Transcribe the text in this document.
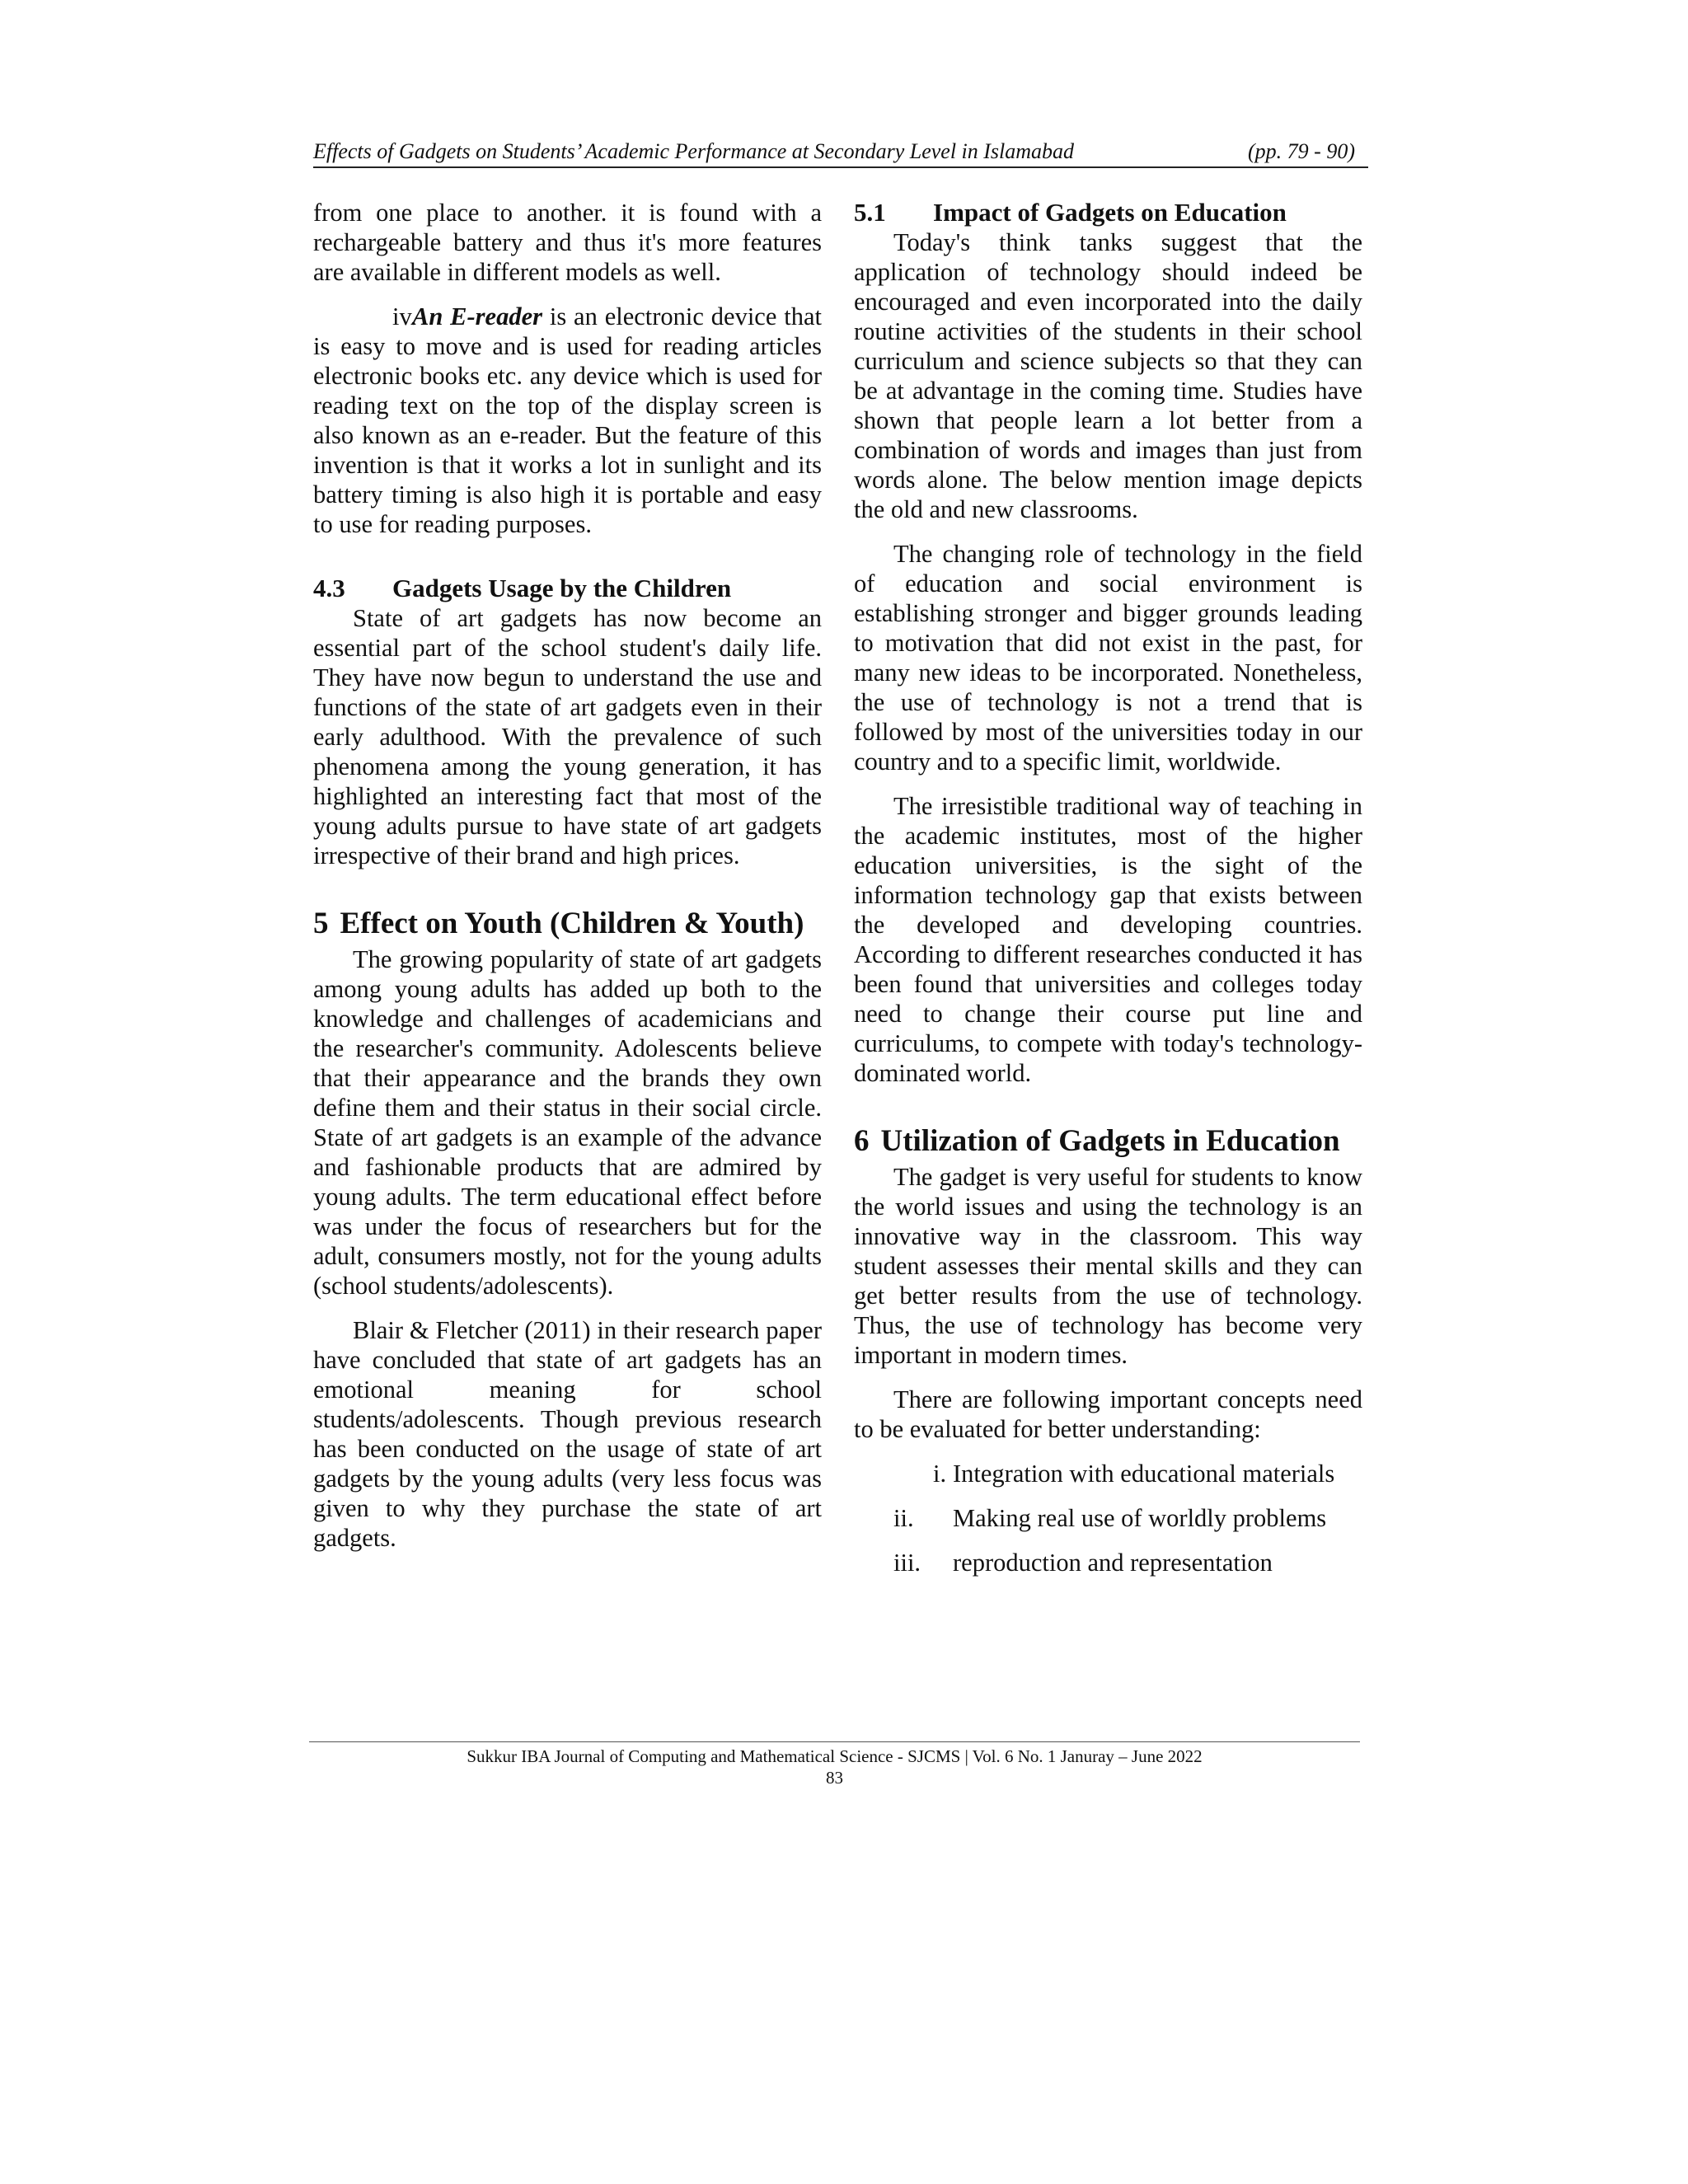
Effects of Gadgets on Students’ Academic Performance at Secondary Level in Islamabad	(pp. 79 - 90)

from one place to another. it is found with a rechargeable battery and thus it's more features are available in different models as well.

iv.An E-reader is an electronic device that is easy to move and is used for reading articles electronic books etc. any device which is used for reading text on the top of the display screen is also known as an e-reader. But the feature of this invention is that it works a lot in sunlight and its battery timing is also high it is portable and easy to use for reading purposes.

4.3 Gadgets Usage by the Children

State of art gadgets has now become an essential part of the school student's daily life. They have now begun to understand the use and functions of the state of art gadgets even in their early adulthood. With the prevalence of such phenomena among the young generation, it has highlighted an interesting fact that most of the young adults pursue to have state of art gadgets irrespective of their brand and high prices.

5 Effect on Youth (Children & Youth)

The growing popularity of state of art gadgets among young adults has added up both to the knowledge and challenges of academicians and the researcher's community. Adolescents believe that their appearance and the brands they own define them and their status in their social circle. State of art gadgets is an example of the advance and fashionable products that are admired by young adults. The term educational effect before was under the focus of researchers but for the adult, consumers mostly, not for the young adults (school students/adolescents).

Blair & Fletcher (2011) in their research paper have concluded that state of art gadgets has an emotional meaning for school students/adolescents. Though previous research has been conducted on the usage of state of art gadgets by the young adults (very less focus was given to why they purchase the state of art gadgets.

5.1 Impact of Gadgets on Education

Today's think tanks suggest that the application of technology should indeed be encouraged and even incorporated into the daily routine activities of the students in their school curriculum and science subjects so that they can be at advantage in the coming time. Studies have shown that people learn a lot better from a combination of words and images than just from words alone. The below mention image depicts the old and new classrooms.

The changing role of technology in the field of education and social environment is establishing stronger and bigger grounds leading to motivation that did not exist in the past, for many new ideas to be incorporated. Nonetheless, the use of technology is not a trend that is followed by most of the universities today in our country and to a specific limit, worldwide.

The irresistible traditional way of teaching in the academic institutes, most of the higher education universities, is the sight of the information technology gap that exists between the developed and developing countries. According to different researches conducted it has been found that universities and colleges today need to change their course put line and curriculums, to compete with today's technology-dominated world.

6 Utilization of Gadgets in Education

The gadget is very useful for students to know the world issues and using the technology is an innovative way in the classroom. This way student assesses their mental skills and they can get better results from the use of technology. Thus, the use of technology has become very important in modern times.

There are following important concepts need to be evaluated for better understanding:

i. Integration with educational materials

ii. Making real use of worldly problems

iii. reproduction and representation

Sukkur IBA Journal of Computing and Mathematical Science - SJCMS | Vol. 6 No. 1 Januray – June 2022
83
